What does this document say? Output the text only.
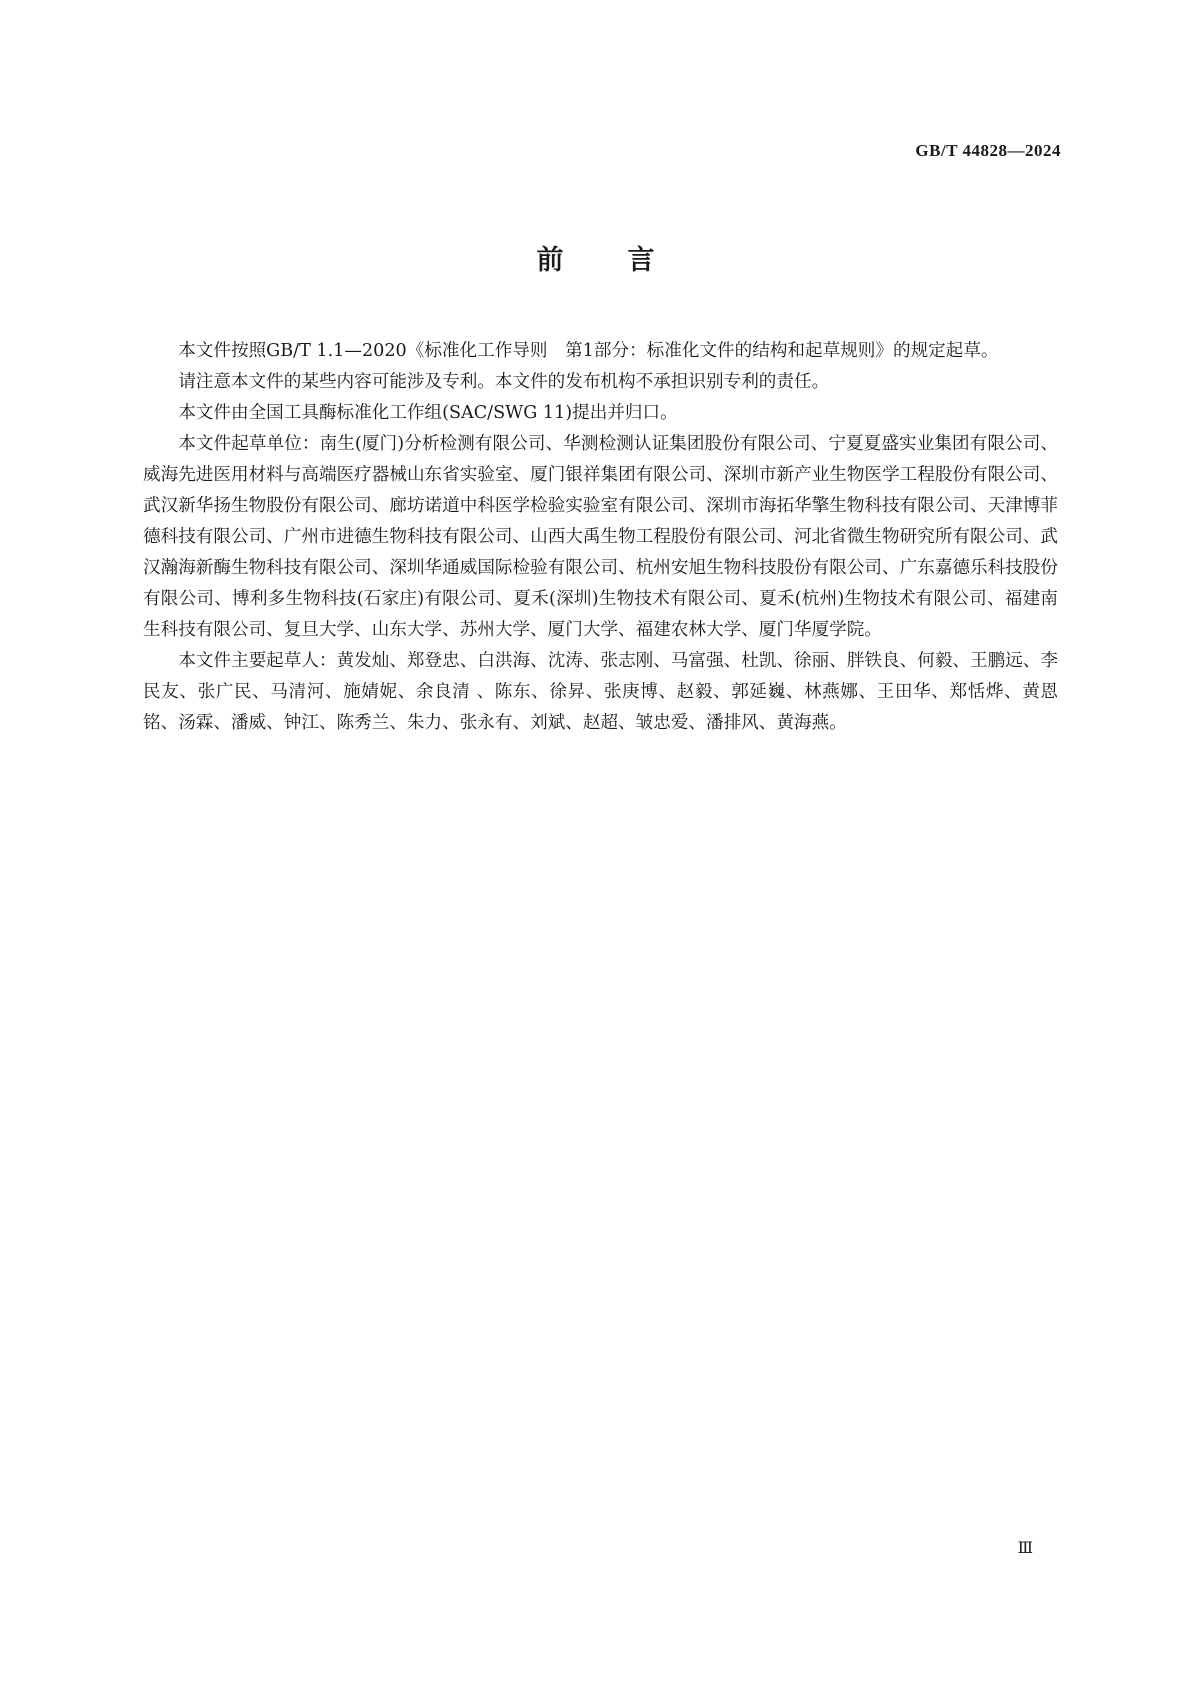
GB/T 44828—2024
前言

本文件按照GB/T 1.1—2020《标准化工作导则　第1部分：标准化文件的结构和起草规则》的规定起草。

请注意本文件的某些内容可能涉及专利。本文件的发布机构不承担识别专利的责任。

本文件由全国工具酶标准化工作组(SAC/SWG 11)提出并归口。

本文件起草单位：南生(厦门)分析检测有限公司、华测检测认证集团股份有限公司、宁夏夏盛实业集团有限公司、威海先进医用材料与高端医疗器械山东省实验室、厦门银祥集团有限公司、深圳市新产业生物医学工程股份有限公司、武汉新华扬生物股份有限公司、廊坊诺道中科医学检验实验室有限公司、深圳市海拓华擎生物科技有限公司、天津博菲德科技有限公司、广州市进德生物科技有限公司、山西大禹生物工程股份有限公司、河北省微生物研究所有限公司、武汉瀚海新酶生物科技有限公司、深圳华通威国际检验有限公司、杭州安旭生物科技股份有限公司、广东嘉德乐科技股份有限公司、博利多生物科技(石家庄)有限公司、夏禾(深圳)生物技术有限公司、夏禾(杭州)生物技术有限公司、福建南生科技有限公司、复旦大学、山东大学、苏州大学、厦门大学、福建农林大学、厦门华厦学院。

本文件主要起草人：黄发灿、郑登忠、白洪海、沈涛、张志刚、马富强、杜凯、徐丽、胖铁良、何毅、王鹏远、李民友、张广民、马清河、施婧妮、余良清 、陈东、徐昇、张庚博、赵毅、郭延巍、林燕娜、王田华、郑恬烨、黄恩铭、汤霖、潘威、钟江、陈秀兰、朱力、张永有、刘斌、赵超、皱忠爱、潘排风、黄海燕。

Ⅲ
